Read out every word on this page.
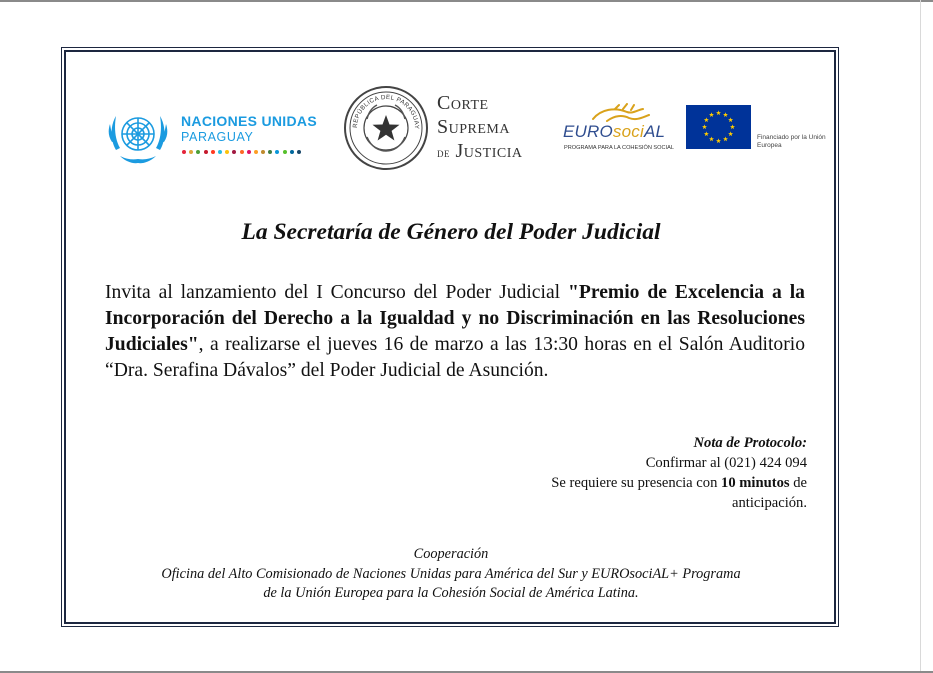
NACIONES UNIDAS
PARAGUAY
REPÚBLICA DEL PARAGUAY
Corte
Suprema
de Justicia
EUROsociAL
PROGRAMA PARA LA COHESIÓN SOCIAL
Financiado por la Unión Europea
La Secretaría de Género del Poder Judicial
Invita al lanzamiento del I Concurso del Poder Judicial "Premio de Excelencia a la Incorporación del Derecho a la Igualdad y no Discriminación en las Resoluciones Judiciales", a realizarse el jueves 16 de marzo a las 13:30 horas en el Salón Auditorio “Dra. Serafina Dávalos” del Poder Judicial de Asunción.
Nota de Protocolo:
Confirmar al (021) 424 094
Se requiere su presencia con 10 minutos de anticipación.
Cooperación
Oficina del Alto Comisionado de Naciones Unidas para América del Sur y EUROsociAL+ Programa
de la Unión Europea para la Cohesión Social de América Latina.
